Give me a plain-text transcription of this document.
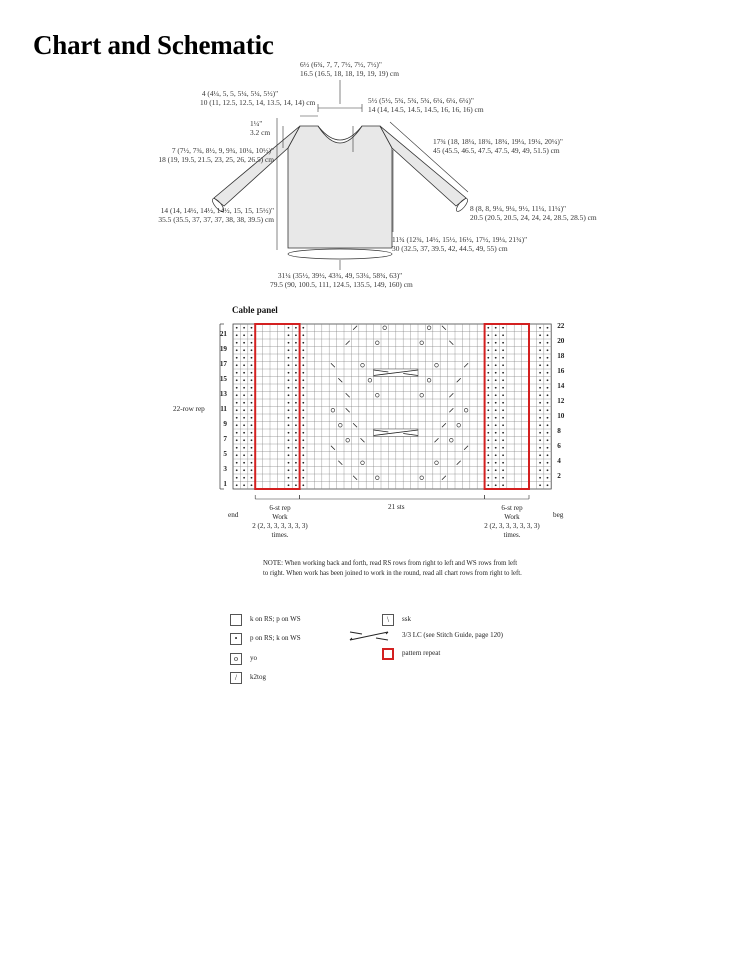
Chart and Schematic
6½ (6¾, 7, 7, 7½, 7½, 7½)"
16.5 (16.5, 18, 18, 19, 19, 19) cm
4 (4¼, 5, 5, 5¼, 5¼, 5½)"
10 (11, 12.5, 12.5, 14, 13.5, 14, 14) cm	5½ (5½, 5¾, 5¾, 5¾, 6¼, 6¼, 6¼)"
14 (14, 14.5, 14.5, 14.5, 16, 16, 16) cm
1¼"
3.2 cm
7 (7½, 7¾, 8½, 9, 9¾, 10¼, 10½)"
18 (19, 19.5, 21.5, 23, 25, 26, 26.5) cm
17¾ (18, 18¼, 18¾, 18¾, 19¼, 19¼, 20¼)"
45 (45.5, 46.5, 47.5, 47.5, 49, 49, 51.5) cm
14 (14, 14½, 14½, 14½, 15, 15, 15½)"
35.5 (35.5, 37, 37, 37, 38, 38, 39.5) cm
8 (8, 8, 9¼, 9¼, 9½, 11¼, 11¼)"
20.5 (20.5, 20.5, 24, 24, 24, 28.5, 28.5) cm
11¾ (12¾, 14½, 15½, 16½, 17½, 19¼, 21¾)"
30 (32.5, 37, 39.5, 42, 44.5, 49, 55) cm
31¼ (35½, 39½, 43¾, 49, 53¼, 58¾, 63)"
79.5 (90, 100.5, 111, 124.5, 135.5, 149, 160) cm
Cable panel
21
19
17
15
13
11
9
7
5
3
1
22
20
18
16
14
12
10
8
6
4
2
22-row rep
end	beg
21 sts
6-st rep
Work
2 (2, 3, 3, 3, 3, 3, 3)
times.
6-st rep
Work
2 (2, 3, 3, 3, 3, 3, 3)
times.
NOTE: When working back and forth, read RS rows from right to left and WS rows from left
to right. When work has been joined to work in the round, read all chart rows from right to left.
k on RS; p on WS
•	p on RS; k on WS
o	yo
/	k2tog
\	ssk
3/3 LC (see Stitch Guide, page 120)
pattern repeat
